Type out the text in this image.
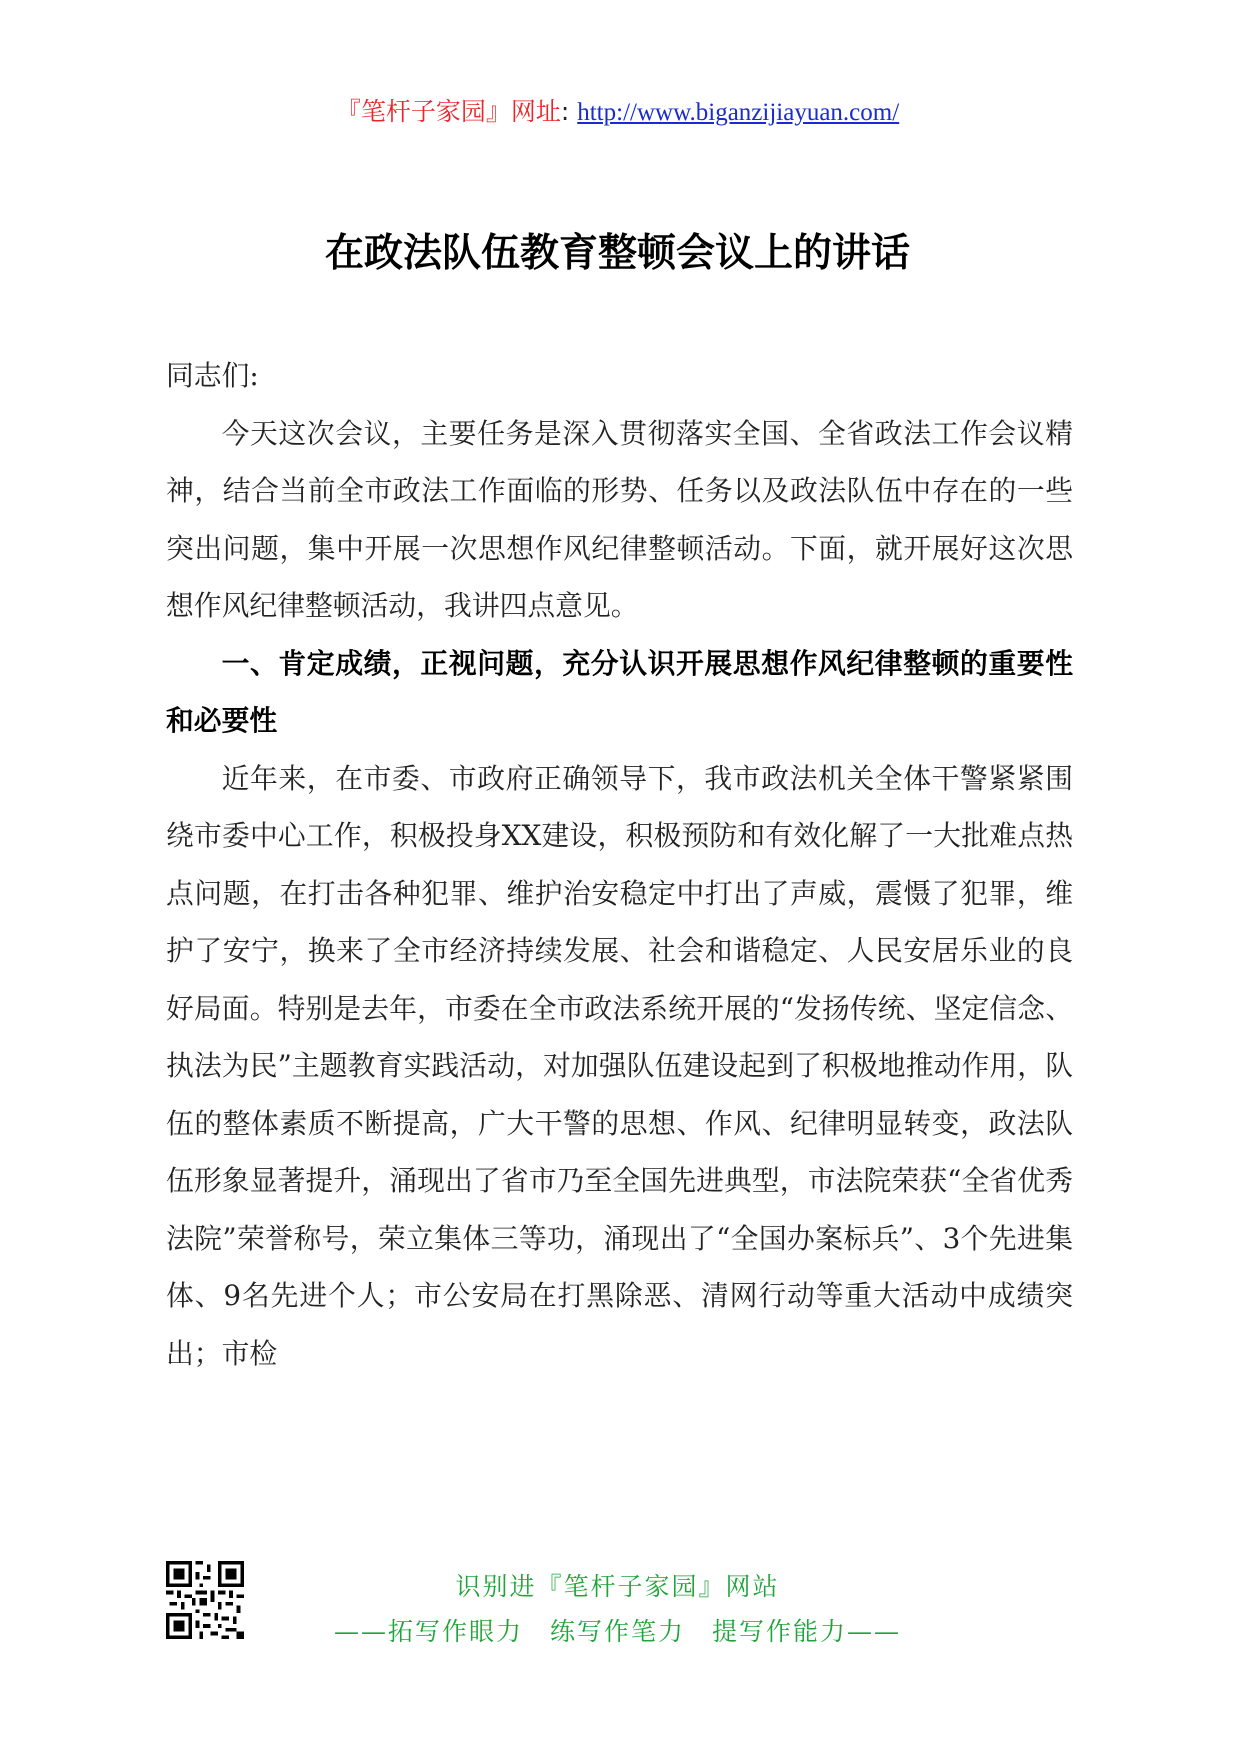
『笔杆子家园』网址: http://www.biganzijiayuan.com/
在政法队伍教育整顿会议上的讲话

同志们:

今天这次会议，主要任务是深入贯彻落实全国、全省政法工作会议精神，结合当前全市政法工作面临的形势、任务以及政法队伍中存在的一些突出问题，集中开展一次思想作风纪律整顿活动。下面，就开展好这次思想作风纪律整顿活动，我讲四点意见。

一、肯定成绩，正视问题，充分认识开展思想作风纪律整顿的重要性和必要性

近年来，在市委、市政府正确领导下，我市政法机关全体干警紧紧围绕市委中心工作，积极投身XX建设，积极预防和有效化解了一大批难点热点问题，在打击各种犯罪、维护治安稳定中打出了声威，震慑了犯罪，维护了安宁，换来了全市经济持续发展、社会和谐稳定、人民安居乐业的良好局面。特别是去年，市委在全市政法系统开展的“发扬传统、坚定信念、执法为民”主题教育实践活动，对加强队伍建设起到了积极地推动作用，队伍的整体素质不断提高，广大干警的思想、作风、纪律明显转变，政法队伍形象显著提升，涌现出了省市乃至全国先进典型，市法院荣获“全省优秀法院”荣誉称号，荣立集体三等功，涌现出了“全国办案标兵”、3个先进集体、9名先进个人；市公安局在打黑除恶、清网行动等重大活动中成绩突出；市检

识别进『笔杆子家园』网站
——拓写作眼力　练写作笔力　提写作能力——
